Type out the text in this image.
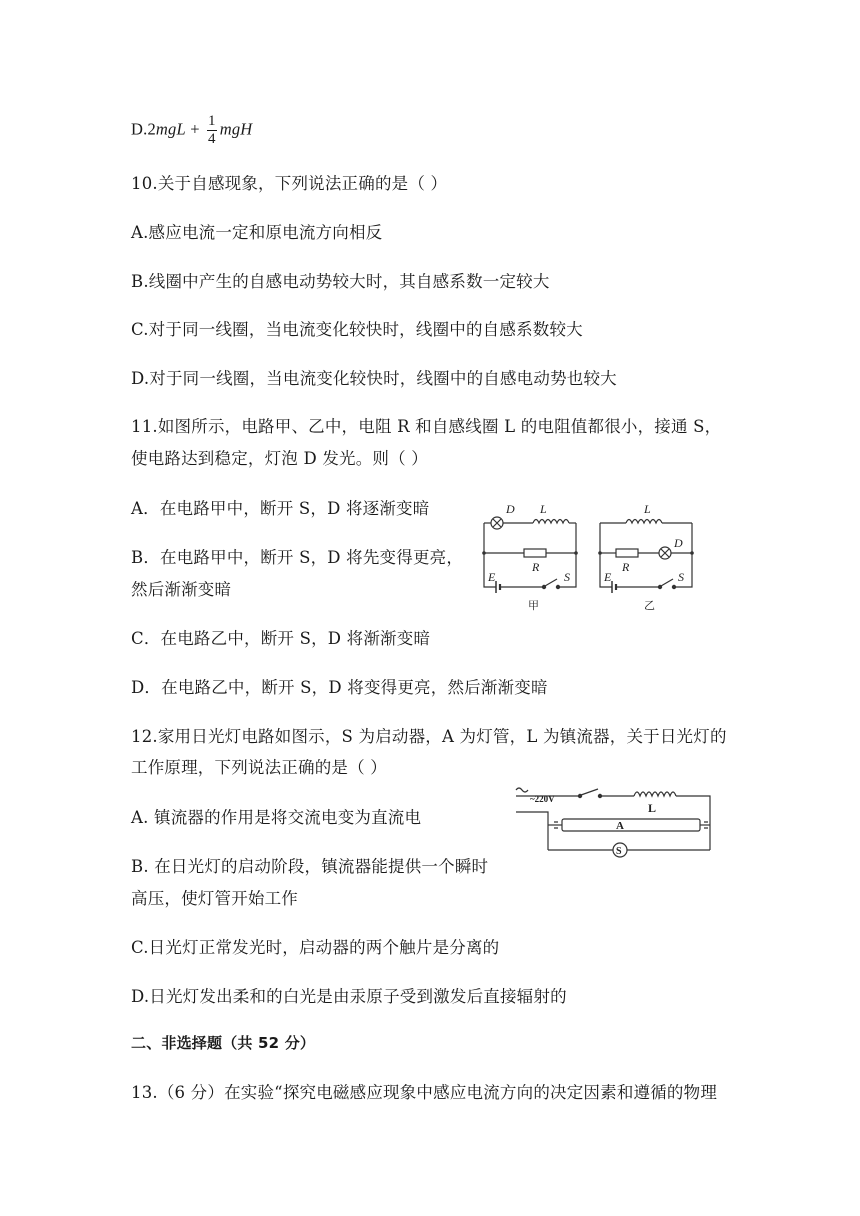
$D.2mgL + \frac{1}{4}$ mgH
10.关于自感现象，下列说法正确的是（ ）
A.感应电流一定和原电流方向相反
B.线圈中产生的自感电动势较大时，其自感系数一定较大
C.对于同一线圈，当电流变化较快时，线圈中的自感系数较大
D.对于同一线圈，当电流变化较快时，线圈中的自感电动势也较大
11.如图所示，电路甲、乙中，电阻 R 和自感线圈 L 的电阻值都很小，接通 S，
使电路达到稳定，灯泡 D 发光。则（ ）
A．在电路甲中，断开 S，D 将逐渐变暗
B．在电路甲中，断开 S，D 将先变得更亮，
然后渐渐变暗
C．在电路乙中，断开 S，D 将渐渐变暗
D．在电路乙中，断开 S，D 将变得更亮，然后渐渐变暗
D L
R
E	S
L
D
R
E	S
甲	乙
12.家用日光灯电路如图示，S 为启动器，A 为灯管，L 为镇流器，关于日光灯的
工作原理，下列说法正确的是（ ）
A. 镇流器的作用是将交流电变为直流电
B. 在日光灯的启动阶段，镇流器能提供一个瞬时
高压，使灯管开始工作
C.日光灯正常发光时，启动器的两个触片是分离的
D.日光灯发出柔和的白光是由汞原子受到激发后直接辐射的
~220V
L
A
S
二、非选择题（共 52 分）
13.（6 分）在实验“探究电磁感应现象中感应电流方向的决定因素和遵循的物理
